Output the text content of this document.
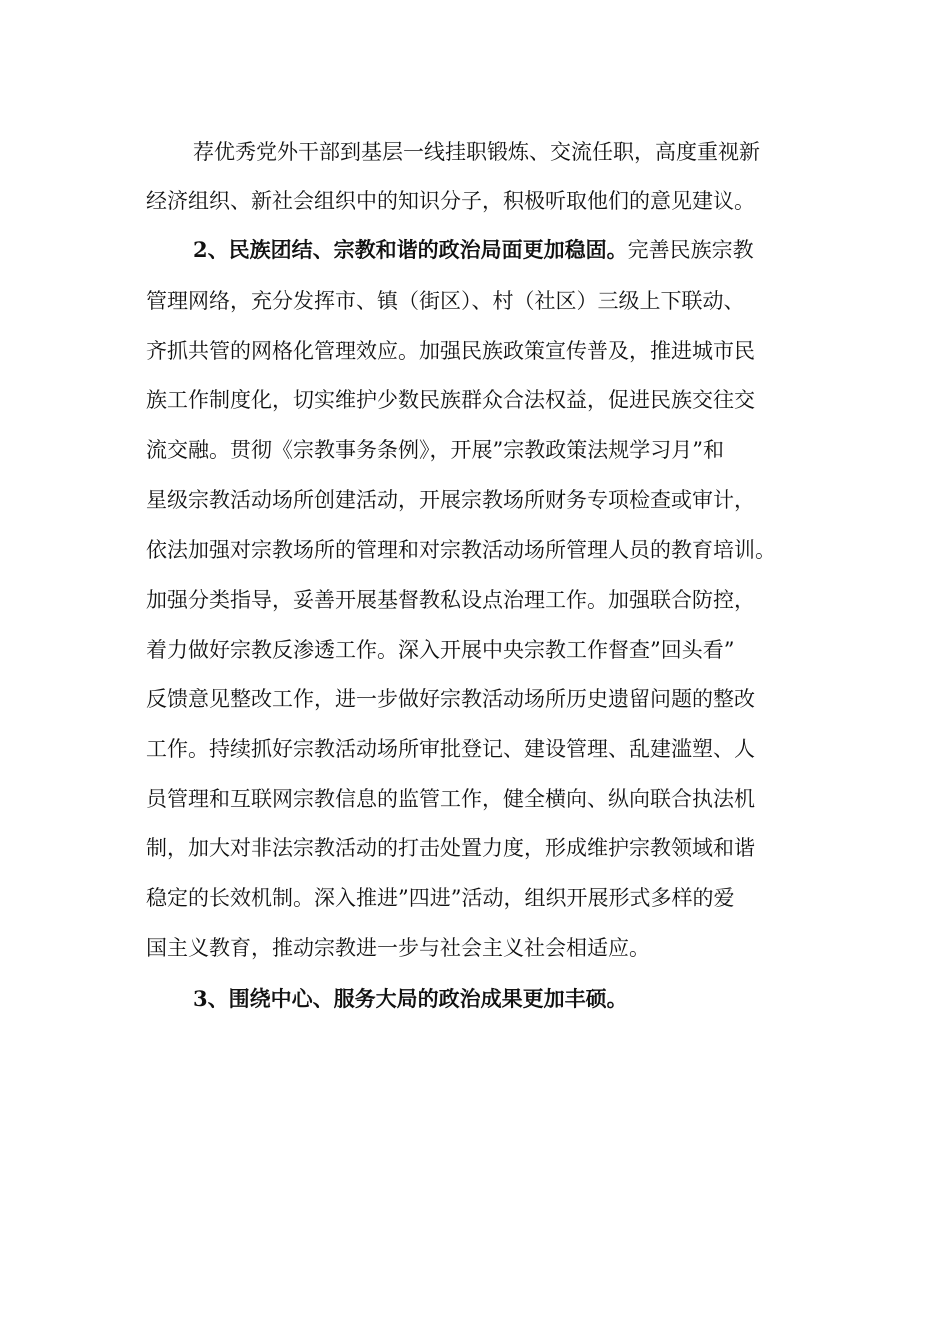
荐优秀党外干部到基层一线挂职锻炼、交流任职，高度重视新
经济组织、新社会组织中的知识分子，积极听取他们的意见建议。
2、民族团结、宗教和谐的政治局面更加稳固。完善民族宗教
管理网络，充分发挥市、镇（街区）、村（社区）三级上下联动、
齐抓共管的网格化管理效应。加强民族政策宣传普及，推进城市民
族工作制度化，切实维护少数民族群众合法权益，促进民族交往交
流交融。贯彻《宗教事务条例》，开展”宗教政策法规学习月”和
星级宗教活动场所创建活动，开展宗教场所财务专项检查或审计，
依法加强对宗教场所的管理和对宗教活动场所管理人员的教育培训。
加强分类指导，妥善开展基督教私设点治理工作。加强联合防控，
着力做好宗教反渗透工作。深入开展中央宗教工作督查”回头看”
反馈意见整改工作，进一步做好宗教活动场所历史遗留问题的整改
工作。持续抓好宗教活动场所审批登记、建设管理、乱建滥塑、人
员管理和互联网宗教信息的监管工作，健全横向、纵向联合执法机
制，加大对非法宗教活动的打击处置力度，形成维护宗教领域和谐
稳定的长效机制。深入推进”四进”活动，组织开展形式多样的爱
国主义教育，推动宗教进一步与社会主义社会相适应。
3、围绕中心、服务大局的政治成果更加丰硕。
